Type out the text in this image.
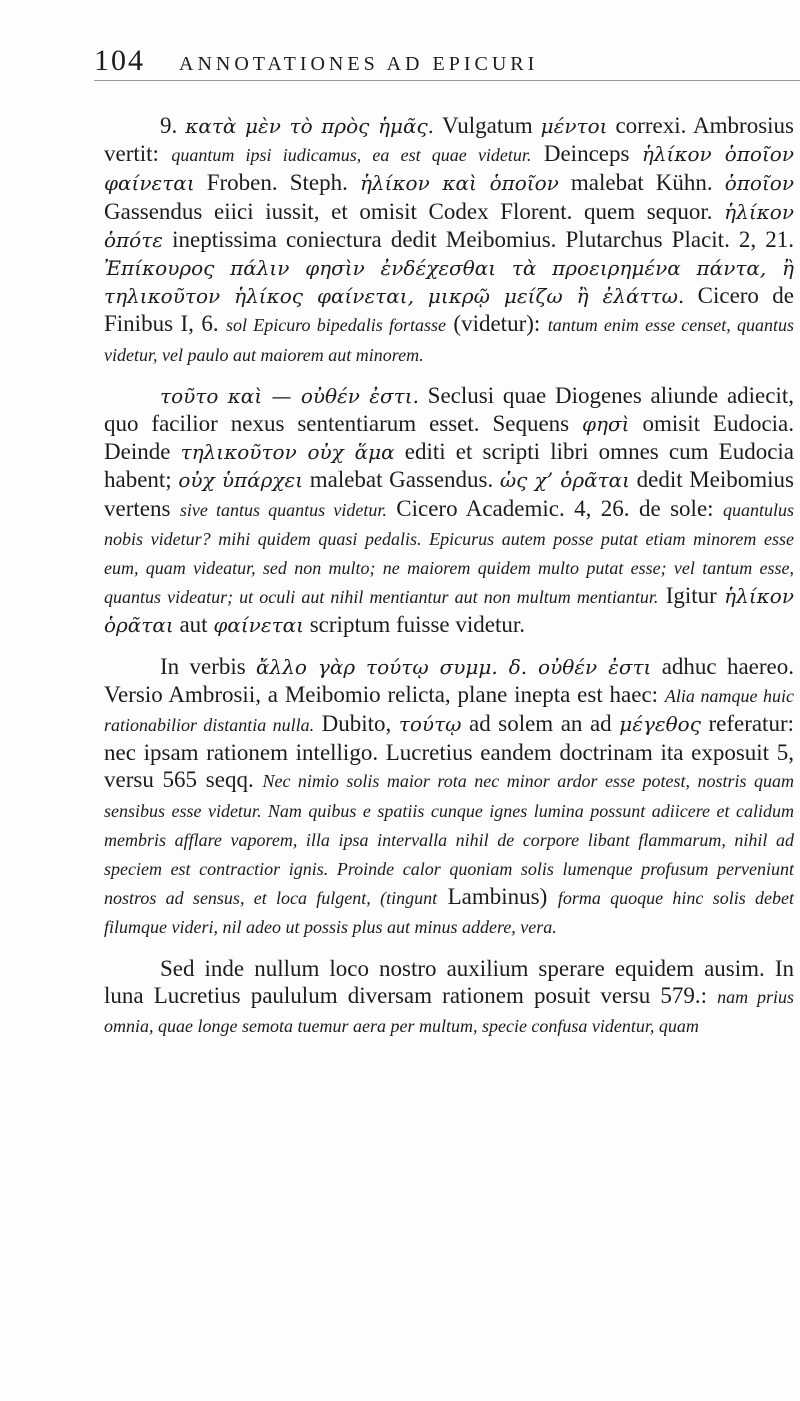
104 ANNOTATIONES AD EPICURI

9. κατὰ μὲν τὸ πρὸς ἡμᾶς. Vulgatum μέντοι correxi. Ambrosius vertit: quantum ipsi iudicamus, ea est quae videtur. Deinceps ἡλίκον ὁποῖον φαίνεται Froben. Steph. ἡλίκον καὶ ὁποῖον malebat Kühn. ὁποῖον Gassendus eiici iussit, et omisit Codex Florent. quem sequor. ἡλίκον ὁπότε ineptissima coniectura dedit Meibomius. Plutarchus Placit. 2, 21. Ἐπίκουρος πάλιν φησὶν ἐνδέχεσθαι τὰ προειρημένα πάντα, ἢ τηλικοῦτον ἡλίκος φαίνεται, μικρῷ μείζω ἢ ἐλάττω. Cicero de Finibus I, 6. sol Epicuro bipedalis fortasse (videtur): tantum enim esse censet, quantus videtur, vel paulo aut maiorem aut minorem.

τοῦτο καὶ — οὐθέν ἐστι. Seclusi quae Diogenes aliunde adiecit, quo facilior nexus sententiarum esset. Sequens φησὶ omisit Eudocia. Deinde τηλικοῦτον οὐχ ἅμα editi et scripti libri omnes cum Eudocia habent; οὐχ ὑπάρχει malebat Gassendus. ὡς χ’ ὁρᾶται dedit Meibomius vertens sive tantus quantus videtur. Cicero Academic. 4, 26. de sole: quantulus nobis videtur? mihi quidem quasi pedalis. Epicurus autem posse putat etiam minorem esse eum, quam videatur, sed non multo; ne maiorem quidem multo putat esse; vel tantum esse, quantus videatur; ut oculi aut nihil mentiantur aut non multum mentiantur. Igitur ἡλίκον ὁρᾶται aut φαίνεται scriptum fuisse videtur.

In verbis ἄλλο γὰρ τούτῳ συμμ. δ. οὐθέν ἐστι adhuc haereo. Versio Ambrosii, a Meibomio relicta, plane inepta est haec: Alia namque huic rationabilior distantia nulla. Dubito, τούτῳ ad solem an ad μέγεθος referatur: nec ipsam rationem intelligo. Lucretius eandem doctrinam ita exposuit 5, versu 565 seqq. Nec nimio solis maior rota nec minor ardor esse potest, nostris quam sensibus esse videtur. Nam quibus e spatiis cunque ignes lumina possunt adiicere et calidum membris afflare vaporem, illa ipsa intervalla nihil de corpore libant flammarum, nihil ad speciem est contractior ignis. Proinde calor quoniam solis lumenque profusum perveniunt nostros ad sensus, et loca fulgent, (tingunt Lambinus) forma quoque hinc solis debet filumque videri, nil adeo ut possis plus aut minus addere, vera.

Sed inde nullum loco nostro auxilium sperare equidem ausim. In luna Lucretius paululum diversam rationem posuit versu 579.: nam prius omnia, quae longe semota tuemur aera per multum, specie confusa videntur, quam
